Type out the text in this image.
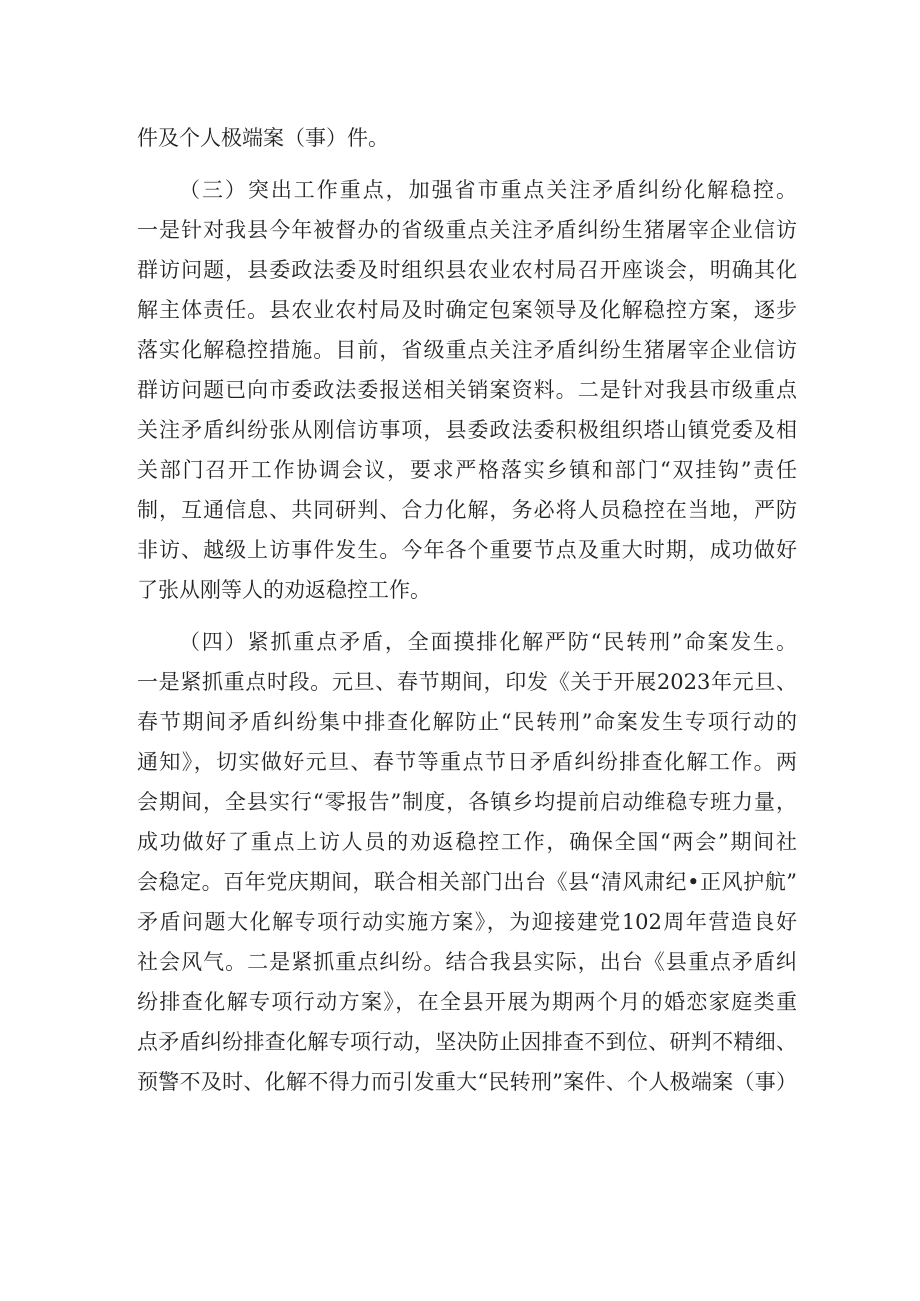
件及个人极端案（事）件。
（三）突出工作重点，加强省市重点关注矛盾纠纷化解稳控。
一是针对我县今年被督办的省级重点关注矛盾纠纷生猪屠宰企业信访
群访问题，县委政法委及时组织县农业农村局召开座谈会，明确其化
解主体责任。县农业农村局及时确定包案领导及化解稳控方案，逐步
落实化解稳控措施。目前，省级重点关注矛盾纠纷生猪屠宰企业信访
群访问题已向市委政法委报送相关销案资料。二是针对我县市级重点
关注矛盾纠纷张从刚信访事项，县委政法委积极组织塔山镇党委及相
关部门召开工作协调会议，要求严格落实乡镇和部门“双挂钩”责任
制，互通信息、共同研判、合力化解，务必将人员稳控在当地，严防
非访、越级上访事件发生。今年各个重要节点及重大时期，成功做好
了张从刚等人的劝返稳控工作。
（四）紧抓重点矛盾，全面摸排化解严防“民转刑”命案发生。
一是紧抓重点时段。元旦、春节期间，印发《关于开展2023年元旦、
春节期间矛盾纠纷集中排查化解防止“民转刑”命案发生专项行动的
通知》，切实做好元旦、春节等重点节日矛盾纠纷排查化解工作。两
会期间，全县实行“零报告”制度，各镇乡均提前启动维稳专班力量，
成功做好了重点上访人员的劝返稳控工作，确保全国“两会”期间社
会稳定。百年党庆期间，联合相关部门出台《县“清风肃纪•正风护航”
矛盾问题大化解专项行动实施方案》，为迎接建党102周年营造良好
社会风气。二是紧抓重点纠纷。结合我县实际，出台《县重点矛盾纠
纷排查化解专项行动方案》，在全县开展为期两个月的婚恋家庭类重
点矛盾纠纷排查化解专项行动，坚决防止因排查不到位、研判不精细、
预警不及时、化解不得力而引发重大“民转刑”案件、个人极端案（事）
